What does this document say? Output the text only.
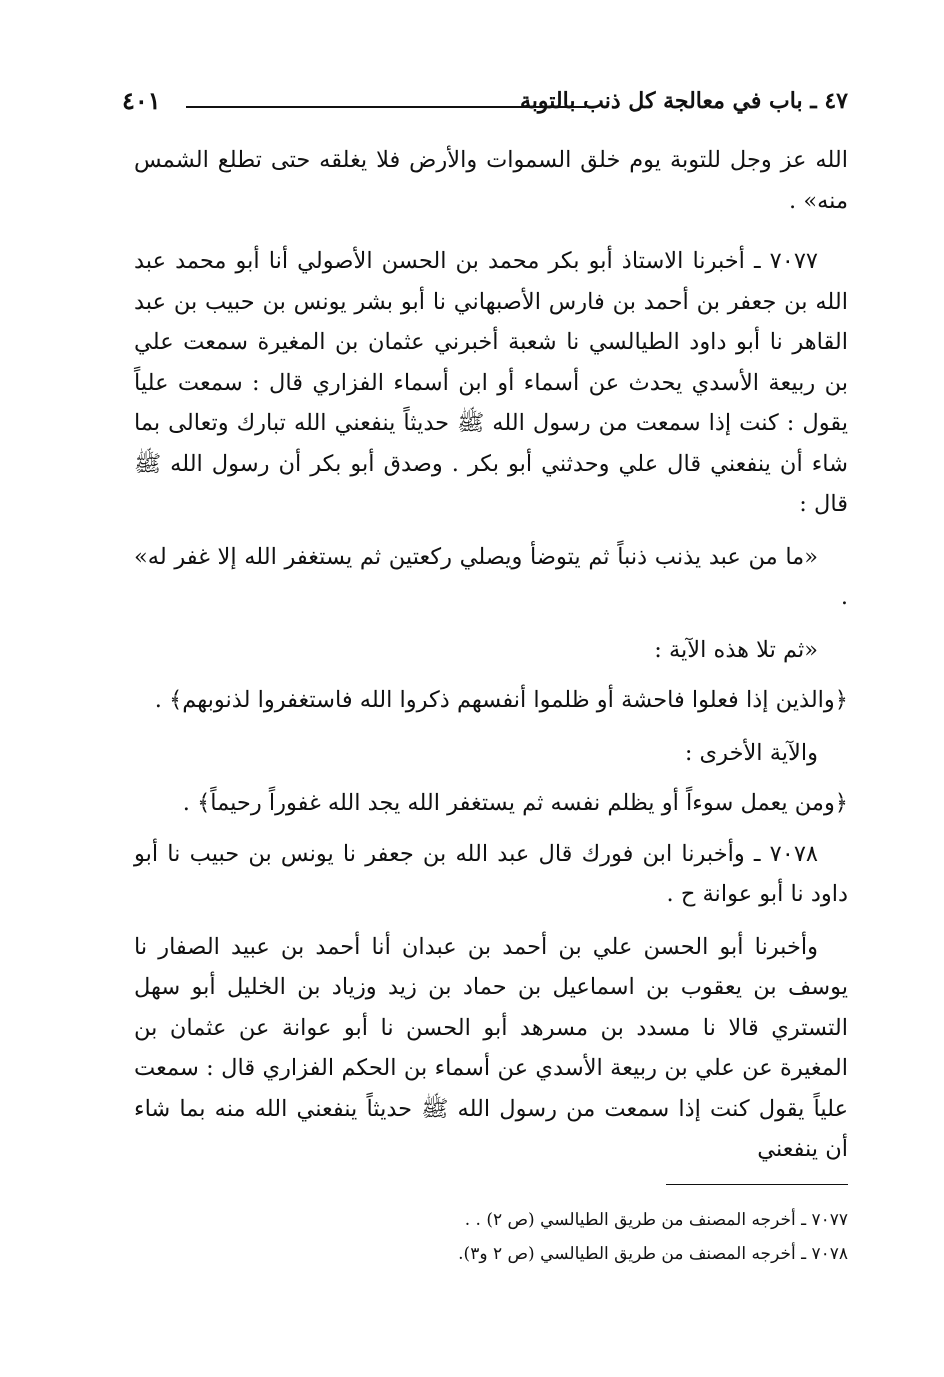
٤٧ ـ باب في معالجة كل ذنب بالتوبة
٤٠١

الله عز وجل للتوبة يوم خلق السموات والأرض فلا يغلقه حتى تطلع الشمس منه» .

٧٠٧٧ ـ أخبرنا الاستاذ أبو بكر محمد بن الحسن الأصولي أنا أبو محمد عبد الله بن جعفر بن أحمد بن فارس الأصبهاني نا أبو بشر يونس بن حبيب بن عبد القاهر نا أبو داود الطيالسي نا شعبة أخبرني عثمان بن المغيرة سمعت علي بن ربيعة الأسدي يحدث عن أسماء أو ابن أسماء الفزاري قال : سمعت علياً يقول : كنت إذا سمعت من رسول الله ﷺ حديثاً ينفعني الله تبارك وتعالى بما شاء أن ينفعني قال علي وحدثني أبو بكر . وصدق أبو بكر أن رسول الله ﷺ قال :

«ما من عبد يذنب ذنباً ثم يتوضأ ويصلي ركعتين ثم يستغفر الله إلا غفر له» .

«ثم تلا هذه الآية :

﴿والذين إذا فعلوا فاحشة أو ظلموا أنفسهم ذكروا الله فاستغفروا لذنوبهم﴾ .

والآية الأخرى :

﴿ومن يعمل سوءاً أو يظلم نفسه ثم يستغفر الله يجد الله غفوراً رحيماً﴾ .

٧٠٧٨ ـ وأخبرنا ابن فورك قال عبد الله بن جعفر نا يونس بن حبيب نا أبو داود نا أبو عوانة ح .

وأخبرنا أبو الحسن علي بن أحمد بن عبدان أنا أحمد بن عبيد الصفار نا يوسف بن يعقوب بن اسماعيل بن حماد بن زيد وزياد بن الخليل أبو سهل التستري قالا نا مسدد بن مسرهد أبو الحسن نا أبو عوانة عن عثمان بن المغيرة عن علي بن ربيعة الأسدي عن أسماء بن الحكم الفزاري قال : سمعت علياً يقول كنت إذا سمعت من رسول الله ﷺ حديثاً ينفعني الله منه بما شاء أن ينفعني

٧٠٧٧ ـ أخرجه المصنف من طريق الطيالسي (ص ٢) . .
٧٠٧٨ ـ أخرجه المصنف من طريق الطيالسي (ص ٢ و٣).
